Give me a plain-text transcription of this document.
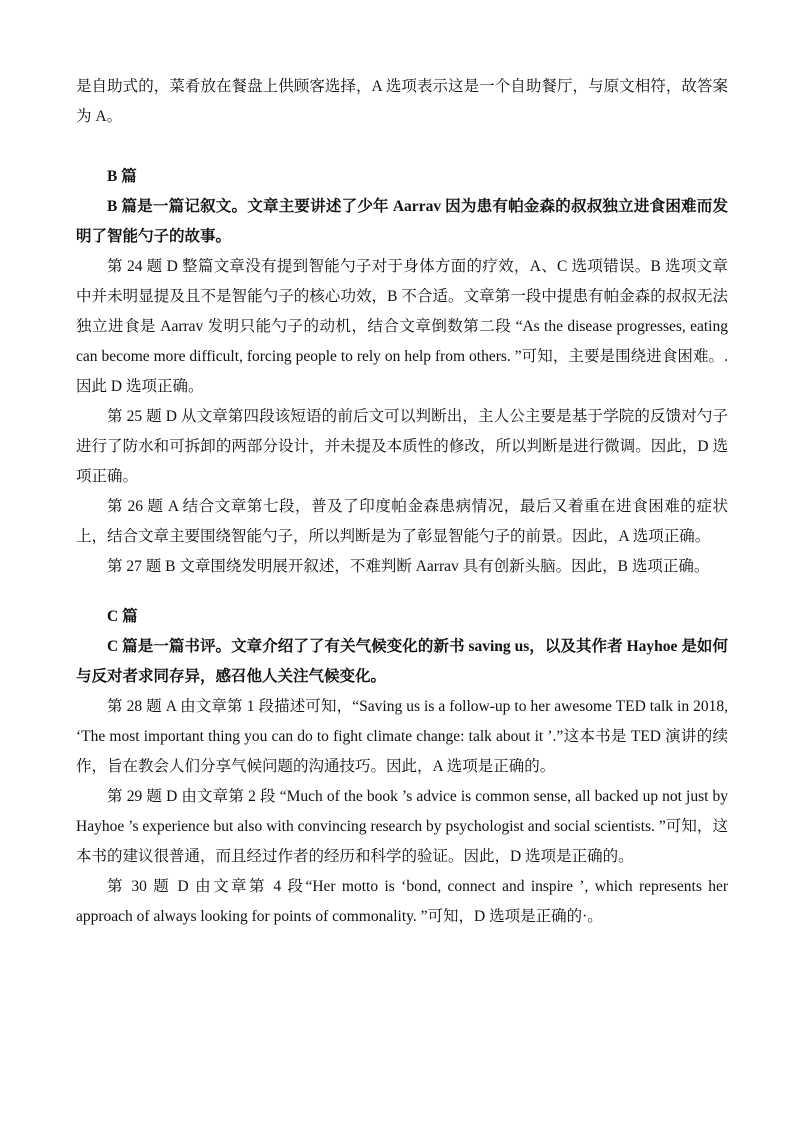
是自助式的，菜肴放在餐盘上供顾客选择，A 选项表示这是一个自助餐厅，与原文相符，故答案为 A。

B 篇

B 篇是一篇记叙文。文章主要讲述了少年 Aarrav 因为患有帕金森的叔叔独立进食困难而发明了智能勺子的故事。

第 24 题 D 整篇文章没有提到智能勺子对于身体方面的疗效，A、C 选项错误。B 选项文章中并未明显提及且不是智能勺子的核心功效，B 不合适。文章第一段中提患有帕金森的叔叔无法独立进食是 Aarrav 发明只能勺子的动机，结合文章倒数第二段 “As the disease progresses, eating can become more difficult, forcing people to rely on help from others. ”可知，主要是围绕进食困难。.因此 D 选项正确。

第 25 题 D 从文章第四段该短语的前后文可以判断出，主人公主要是基于学院的反馈对勺子进行了防水和可拆卸的两部分设计，并未提及本质性的修改，所以判断是进行微调。因此，D 选项正确。

第 26 题 A 结合文章第七段，普及了印度帕金森患病情况，最后又着重在进食困难的症状上，结合文章主要围绕智能勺子，所以判断是为了彰显智能勺子的前景。因此，A 选项正确。

第 27 题 B 文章围绕发明展开叙述，不难判断 Aarrav 具有创新头脑。因此，B 选项正确。

C 篇

C 篇是一篇书评。文章介绍了了有关气候变化的新书 saving us，以及其作者 Hayhoe 是如何与反对者求同存异，感召他人关注气候变化。

第 28 题 A 由文章第 1 段描述可知，“Saving us is a follow-up to her awesome TED talk in 2018, ‘The most important thing you can do to fight climate change: talk about it ’.”这本书是 TED 演讲的续作，旨在教会人们分享气候问题的沟通技巧。因此，A 选项是正确的。

第 29 题 D 由文章第 2 段 “Much of the book ’s advice is common sense, all backed up not just by Hayhoe ’s experience but also with convincing research by psychologist and social scientists. ”可知，这本书的建议很普通，而且经过作者的经历和科学的验证。因此，D 选项是正确的。

第 30 题 D 由文章第 4 段“Her motto is ‘bond, connect and inspire ’, which represents her approach of always looking for points of commonality. ”可知，D 选项是正确的·。
